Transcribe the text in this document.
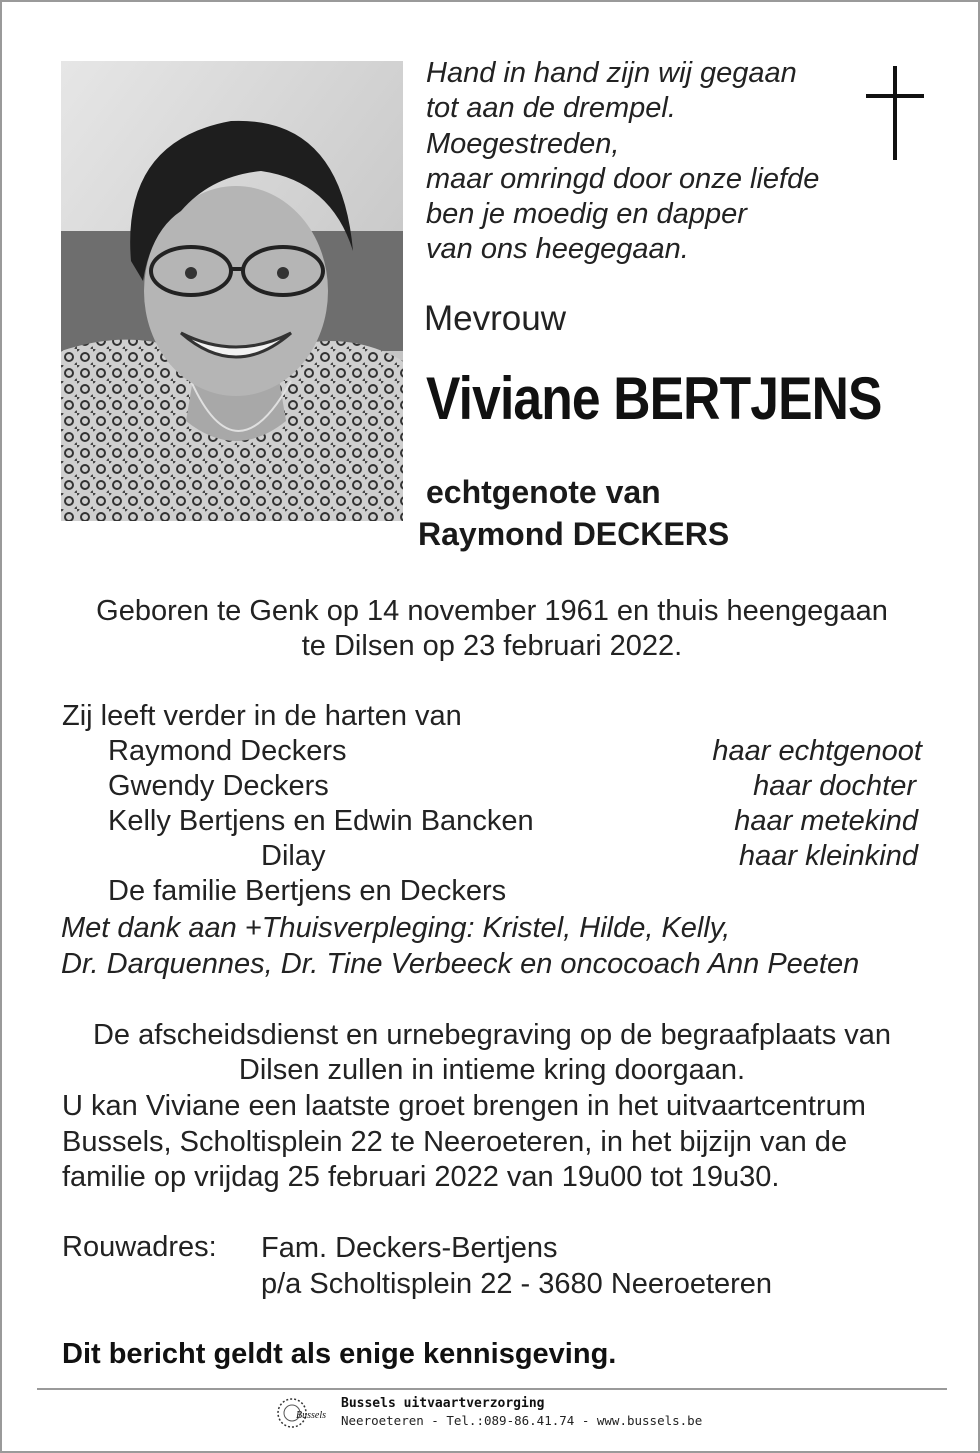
Hand in hand zijn wij gegaan
tot aan de drempel.
Moegestreden,
maar omringd door onze liefde
ben je moedig en dapper
van ons heegegaan.
Mevrouw
Viviane BERTJENS
echtgenote van
Raymond DECKERS
Geboren te Genk op 14 november 1961 en thuis heengegaan
te Dilsen op 23 februari 2022.
Zij leeft verder in de harten van
Raymond Deckers	haar echtgenoot
Gwendy Deckers	haar dochter
Kelly Bertjens en Edwin Bancken	haar metekind
Dilay	haar kleinkind
De familie Bertjens en Deckers
Met dank aan +Thuisverpleging: Kristel, Hilde, Kelly,
Dr. Darquennes, Dr. Tine Verbeeck en oncocoach Ann Peeten
De afscheidsdienst en urnebegraving op de begraafplaats van
Dilsen zullen in intieme kring doorgaan.
U kan Viviane een laatste groet brengen in het uitvaartcentrum
Bussels, Scholtisplein 22 te Neeroeteren, in het bijzijn van de
familie op vrijdag 25 februari 2022 van 19u00 tot 19u30.
Rouwadres: Fam. Deckers-Bertjens
p/a Scholtisplein 22 - 3680 Neeroeteren
Dit bericht geldt als enige kennisgeving.
Bussels
Bussels uitvaartverzorging
Neeroeteren - Tel.:089-86.41.74 - www.bussels.be
